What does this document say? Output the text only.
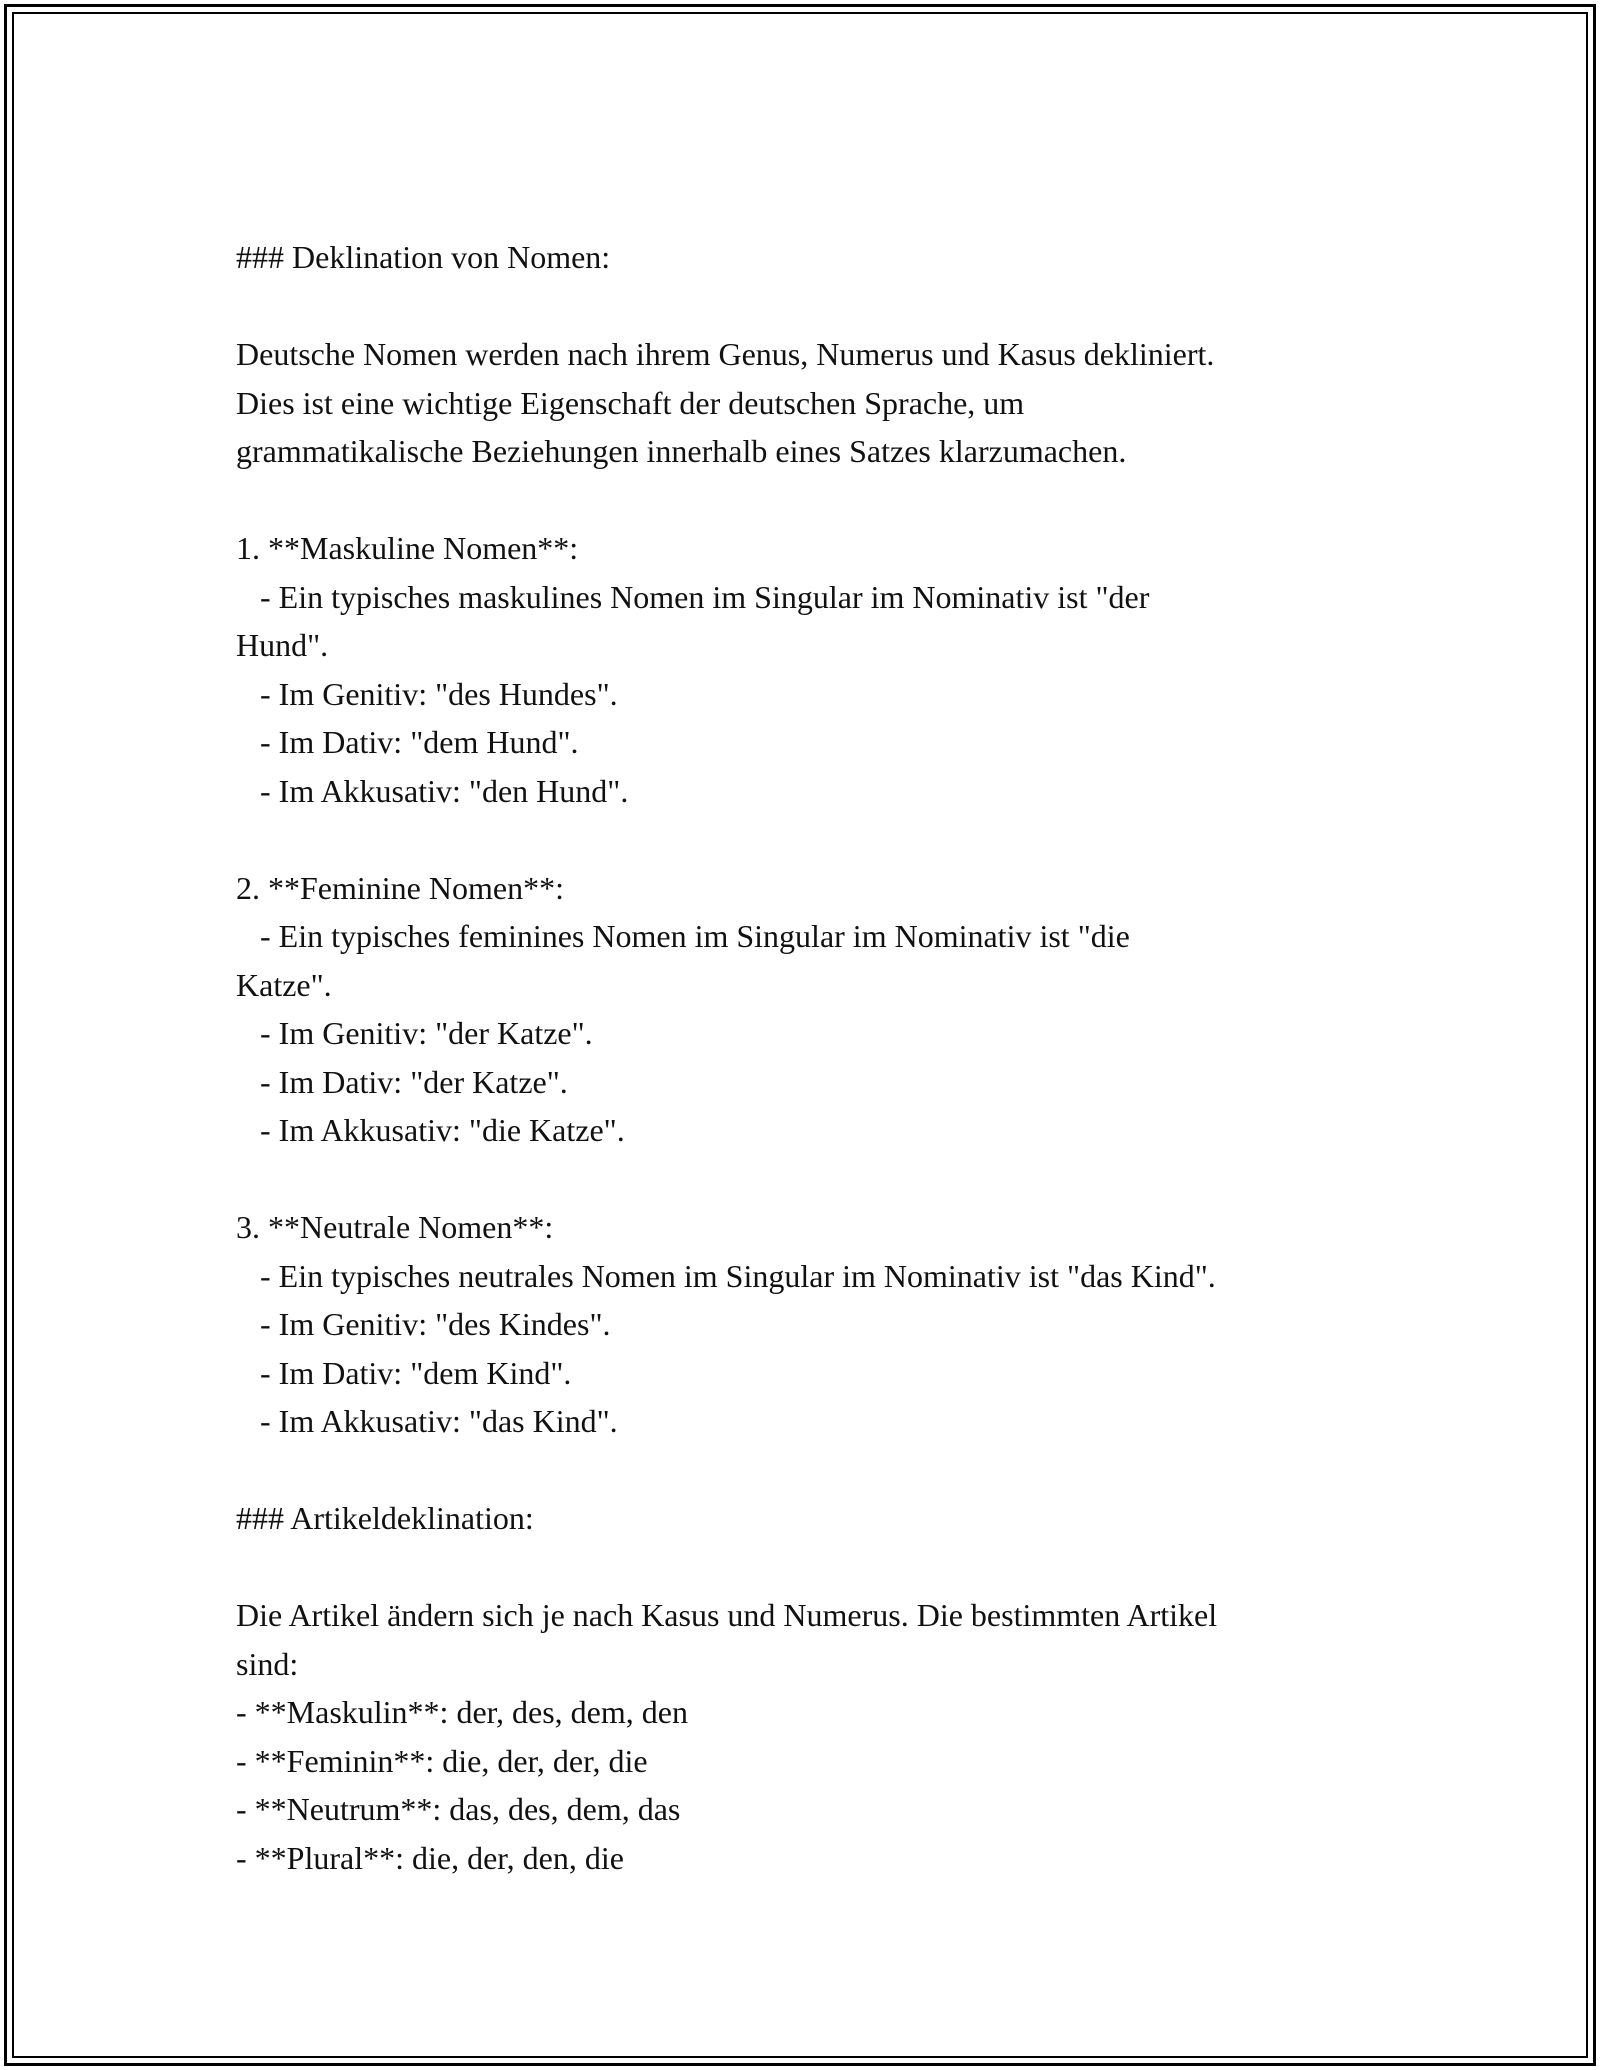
### Deklination von Nomen:
Deutsche Nomen werden nach ihrem Genus, Numerus und Kasus dekliniert.
Dies ist eine wichtige Eigenschaft der deutschen Sprache, um
grammatikalische Beziehungen innerhalb eines Satzes klarzumachen.
1. **Maskuline Nomen**:
- Ein typisches maskulines Nomen im Singular im Nominativ ist "der
Hund".
- Im Genitiv: "des Hundes".
- Im Dativ: "dem Hund".
- Im Akkusativ: "den Hund".
2. **Feminine Nomen**:
- Ein typisches feminines Nomen im Singular im Nominativ ist "die
Katze".
- Im Genitiv: "der Katze".
- Im Dativ: "der Katze".
- Im Akkusativ: "die Katze".
3. **Neutrale Nomen**:
- Ein typisches neutrales Nomen im Singular im Nominativ ist "das Kind".
- Im Genitiv: "des Kindes".
- Im Dativ: "dem Kind".
- Im Akkusativ: "das Kind".
### Artikeldeklination:
Die Artikel ändern sich je nach Kasus und Numerus. Die bestimmten Artikel
sind:
- **Maskulin**: der, des, dem, den
- **Feminin**: die, der, der, die
- **Neutrum**: das, des, dem, das
- **Plural**: die, der, den, die
